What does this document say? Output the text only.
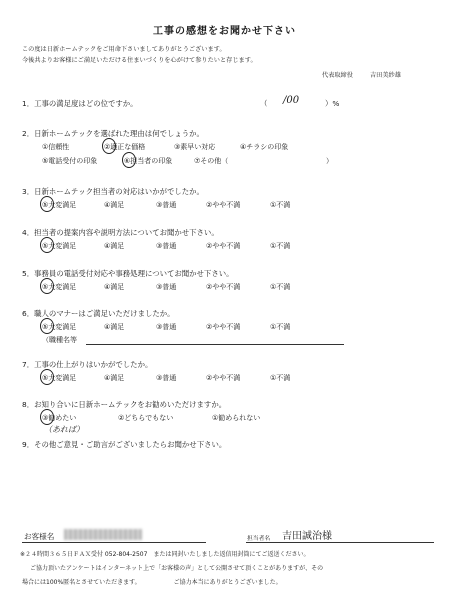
工事の感想をお聞かせ下さい
この度は日新ホームテックをご用命下さいましてありがとうございます。
今後共よりお客様にご満足いただける住まいづくりを心がけて参りたいと存じます。
代表取締役	吉田美紗雄
1．工事の満足度はどの位ですか。	（ /00	）%
2．日新ホームテックを選ばれた理由は何でしょうか。
①信頼性	②適正な価格	③素早い対応	④チラシの印象
⑤電話受付の印象	⑥担当者の印象	⑦その他（	）
3．日新ホームテック担当者の対応はいかがでしたか。
⑤大変満足	④満足	③普通	②やや不満	①不満
4．担当者の提案内容や説明方法についてお聞かせ下さい。
⑤大変満足	④満足	③普通	②やや不満	①不満
5．事務員の電話受付対応や事務処理についてお聞かせ下さい。
⑤大変満足	④満足	③普通	②やや不満	①不満
6．職人のマナーはご満足いただけましたか。
⑤大変満足	④満足	③普通	②やや不満	①不満
（職種名等
7．工事の仕上がりはいかがでしたか。
⑤大変満足	④満足	③普通	②やや不満	①不満
8．お知り合いに日新ホームテックをお勧めいただけますか。
③勧めたい	②どちらでもない	①勧められない
（あれば）
9．その他ご意見・ご助言がございましたらお聞かせ下さい。
お客様名	担当者名 吉田誠治様
※２４時間３６５日ＦＡＸ受付 052-804-2507　または同封いたしました返信用封筒にてご返送ください。
ご協力頂いたアンケートはインターネット上で「お客様の声」として公開させて頂くことがありますが、その
場合には100%匿名とさせていただきます。　　　　　　ご協力本当にありがとうございました。
